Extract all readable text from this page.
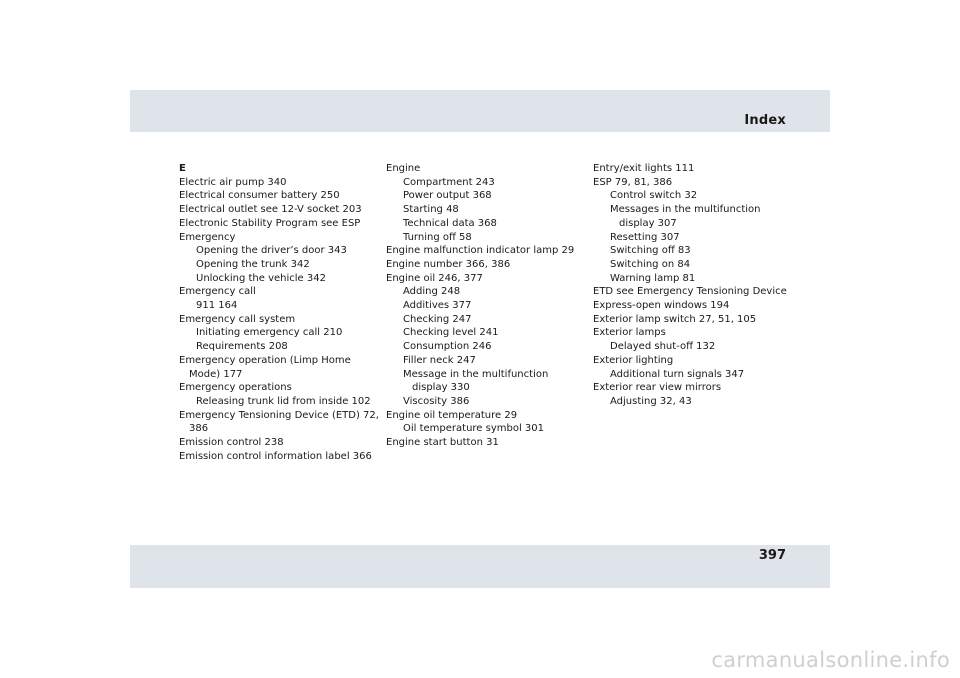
Index
E
Electric air pump 340
Electrical consumer battery 250
Electrical outlet see 12-V socket 203
Electronic Stability Program see ESP
Emergency
Opening the driver’s door 343
Opening the trunk 342
Unlocking the vehicle 342
Emergency call
911 164
Emergency call system
Initiating emergency call 210
Requirements 208
Emergency operation (Limp Home
Mode) 177
Emergency operations
Releasing trunk lid from inside 102
Emergency Tensioning Device (ETD) 72,
386
Emission control 238
Emission control information label 366
Engine
Compartment 243
Power output 368
Starting 48
Technical data 368
Turning off 58
Engine malfunction indicator lamp 29
Engine number 366, 386
Engine oil 246, 377
Adding 248
Additives 377
Checking 247
Checking level 241
Consumption 246
Filler neck 247
Message in the multifunction
display 330
Viscosity 386
Engine oil temperature 29
Oil temperature symbol 301
Engine start button 31
Entry/exit lights 111
ESP 79, 81, 386
Control switch 32
Messages in the multifunction
display 307
Resetting 307
Switching off 83
Switching on 84
Warning lamp 81
ETD see Emergency Tensioning Device
Express-open windows 194
Exterior lamp switch 27, 51, 105
Exterior lamps
Delayed shut-off 132
Exterior lighting
Additional turn signals 347
Exterior rear view mirrors
Adjusting 32, 43
397
carmanualsonline.info
